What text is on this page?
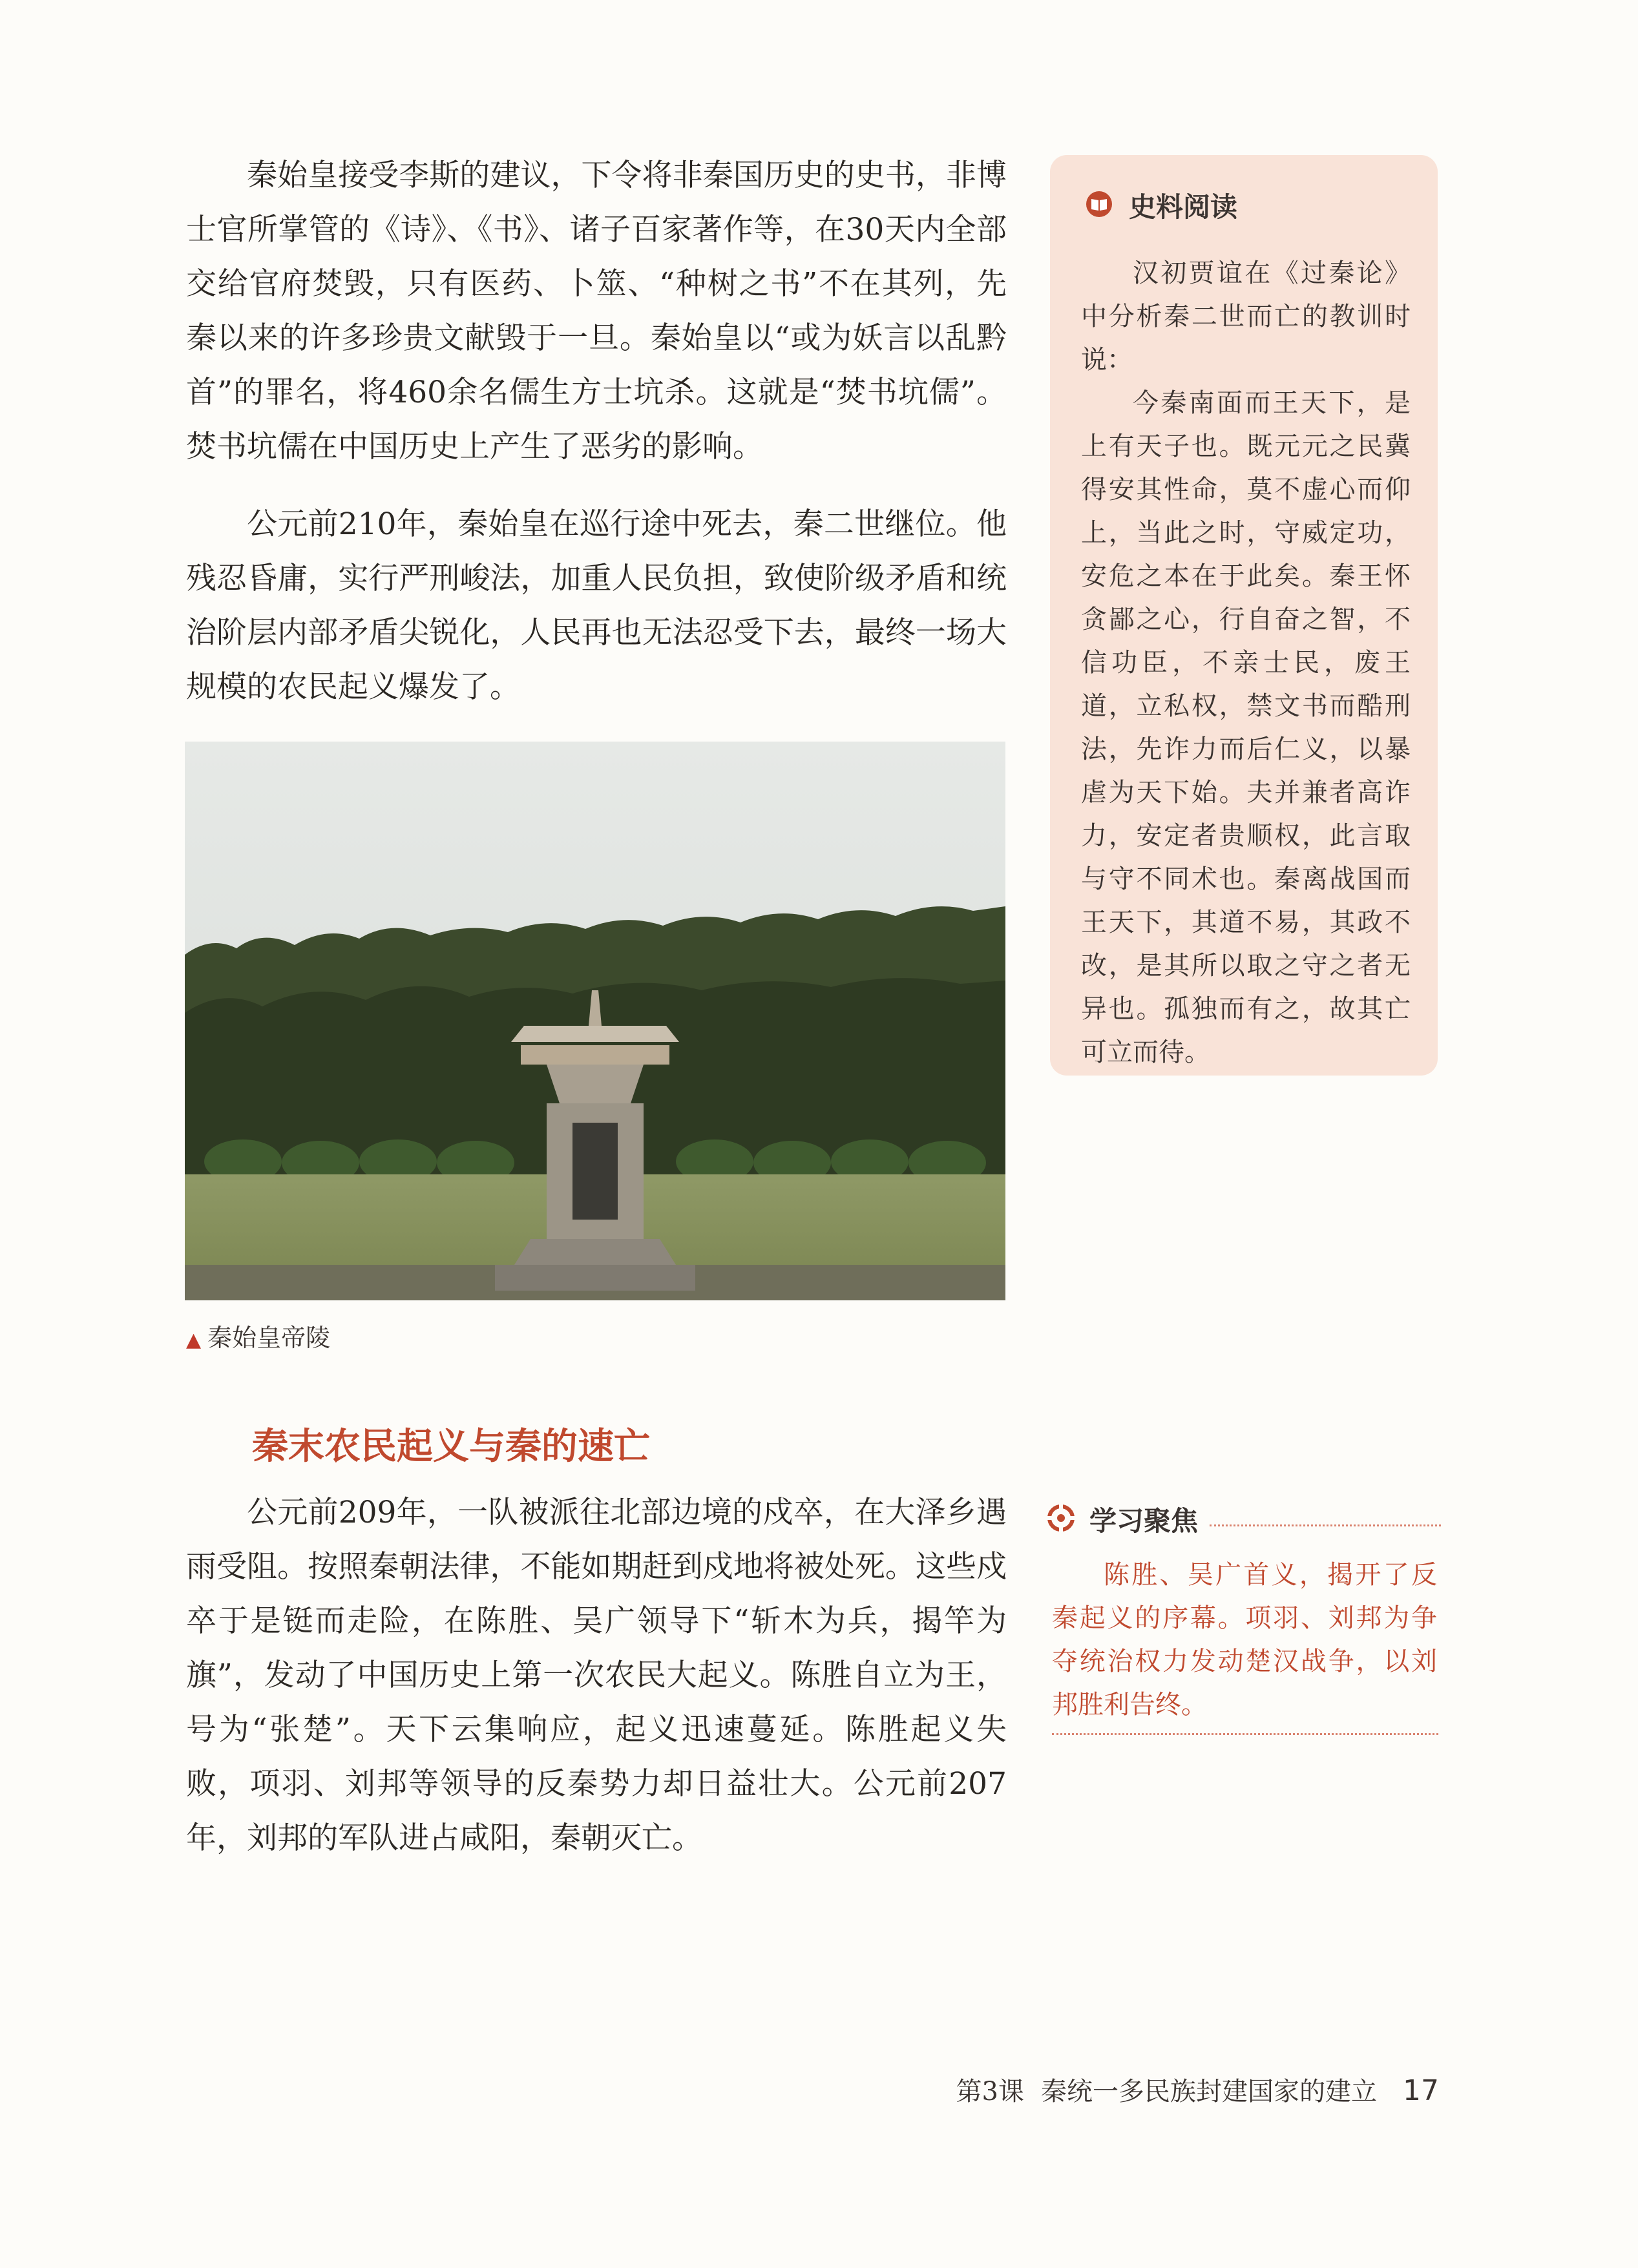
秦始皇接受李斯的建议，下令将非秦国历史的史书，非博士官所掌管的《诗》、《书》、诸子百家著作等，在30天内全部交给官府焚毁，只有医药、卜筮、“种树之书”不在其列，先秦以来的许多珍贵文献毁于一旦。秦始皇以“或为妖言以乱黔首”的罪名，将460余名儒生方士坑杀。这就是“焚书坑儒”。焚书坑儒在中国历史上产生了恶劣的影响。

公元前210年，秦始皇在巡行途中死去，秦二世继位。他残忍昏庸，实行严刑峻法，加重人民负担，致使阶级矛盾和统治阶层内部矛盾尖锐化，人民再也无法忍受下去，最终一场大规模的农民起义爆发了。

史料阅读

汉初贾谊在《过秦论》中分析秦二世而亡的教训时说：

今秦南面而王天下，是上有天子也。既元元之民冀得安其性命，莫不虚心而仰上，当此之时，守威定功，安危之本在于此矣。秦王怀贪鄙之心，行自奋之智，不信功臣，不亲士民，废王道，立私权，禁文书而酷刑法，先诈力而后仁义，以暴虐为天下始。夫并兼者高诈力，安定者贵顺权，此言取与守不同术也。秦离战国而王天下，其道不易，其政不改，是其所以取之守之者无异也。孤独而有之，故其亡可立而待。

▲ 秦始皇帝陵
秦末农民起义与秦的速亡

公元前209年，一队被派往北部边境的戍卒，在大泽乡遇雨受阻。按照秦朝法律，不能如期赶到戍地将被处死。这些戍卒于是铤而走险，在陈胜、吴广领导下“斩木为兵，揭竿为旗”，发动了中国历史上第一次农民大起义。陈胜自立为王，号为“张楚”。天下云集响应，起义迅速蔓延。陈胜起义失败，项羽、刘邦等领导的反秦势力却日益壮大。公元前207年，刘邦的军队进占咸阳，秦朝灭亡。

学习聚焦

陈胜、吴广首义，揭开了反秦起义的序幕。项羽、刘邦为争夺统治权力发动楚汉战争，以刘邦胜利告终。

第3课 秦统一多民族封建国家的建立 17
